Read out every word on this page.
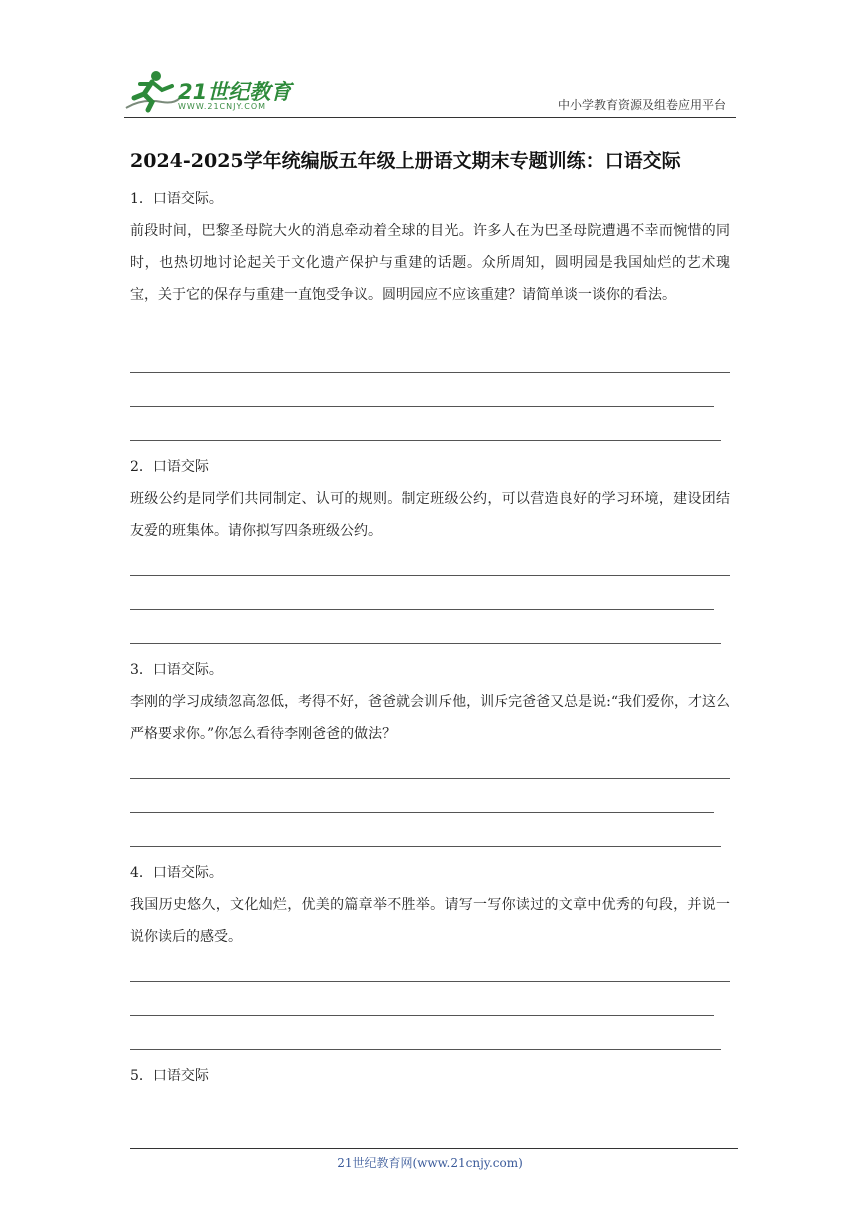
21世纪教育
WWW.21CNJY.COM	中小学教育资源及组卷应用平台
2024-2025学年统编版五年级上册语文期末专题训练：口语交际
1．口语交际。
前段时间，巴黎圣母院大火的消息牵动着全球的目光。许多人在为巴圣母院遭遇不幸而惋惜的同时，也热切地讨论起关于文化遗产保护与重建的话题。众所周知，圆明园是我国灿烂的艺术瑰宝，关于它的保存与重建一直饱受争议。圆明园应不应该重建？请简单谈一谈你的看法。
2．口语交际
班级公约是同学们共同制定、认可的规则。制定班级公约，可以营造良好的学习环境，建设团结友爱的班集体。请你拟写四条班级公约。
3．口语交际。
李刚的学习成绩忽高忽低，考得不好，爸爸就会训斥他，训斥完爸爸又总是说:“我们爱你，才这么严格要求你。”你怎么看待李刚爸爸的做法？
4．口语交际。
我国历史悠久，文化灿烂，优美的篇章举不胜举。请写一写你读过的文章中优秀的句段，并说一说你读后的感受。
5．口语交际
21世纪教育网(www.21cnjy.com)
